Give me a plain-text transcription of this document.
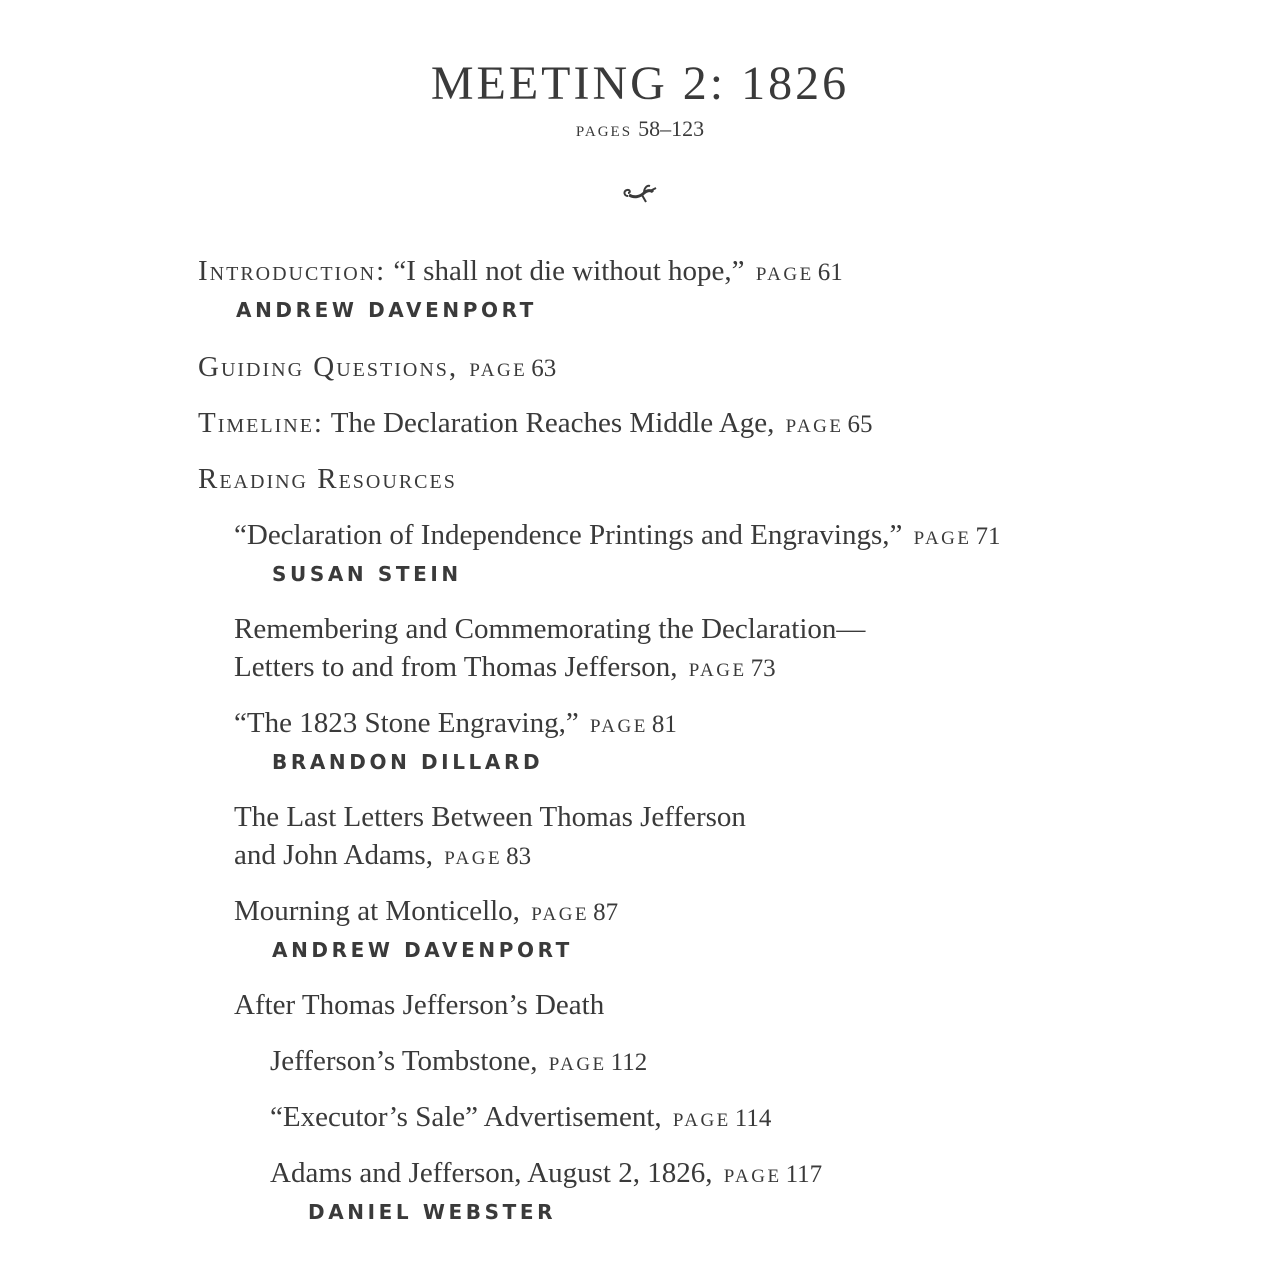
MEETING 2: 1826
PAGES 58–123
Introduction: “I shall not die without hope,” PAGE 61
ANDREW DAVENPORT
Guiding Questions, PAGE 63
Timeline: The Declaration Reaches Middle Age, PAGE 65
Reading Resources
“Declaration of Independence Printings and Engravings,” PAGE 71
SUSAN STEIN
Remembering and Commemorating the Declaration—
Letters to and from Thomas Jefferson, PAGE 73
“The 1823 Stone Engraving,” PAGE 81
BRANDON DILLARD
The Last Letters Between Thomas Jefferson
and John Adams, PAGE 83
Mourning at Monticello, PAGE 87
ANDREW DAVENPORT
After Thomas Jefferson’s Death
Jefferson’s Tombstone, PAGE 112
“Executor’s Sale” Advertisement, PAGE 114
Adams and Jefferson, August 2, 1826, PAGE 117
DANIEL WEBSTER
